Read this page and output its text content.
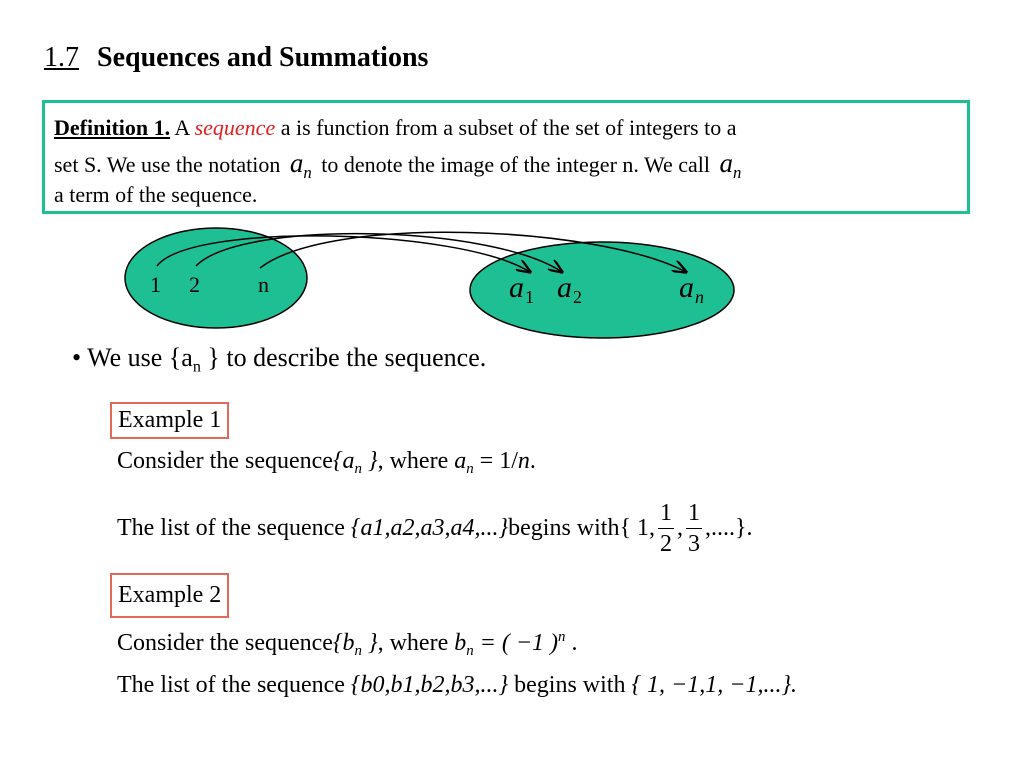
1.7 Sequences and Summations
Definition 1. A sequence a is function from a subset of the set of integers to a
set S. We use the notation $a_n$ to denote the image of the integer n. We call $a_n$
a term of the sequence.
1 2	n	$a_1$ $a_2$	$a_n$
• We use {$a_n$ } to describe the sequence.
Example 1
Consider the $sequence\{a_n$ }, where $a_n = 1/n$.
The list of the sequence
{a1,a2,a3,a4,...} begins with { 1, $\frac{1}{2}$ , $\frac{1}{3}$ ,....}.
Example 2
Consider the $sequence\{b_n$ }, where $b_n$ = ( −1 )$^n$ .
The list of the sequence {b0,b1,b2,b3,...} begins with { 1, −1,1, −1,...}.
